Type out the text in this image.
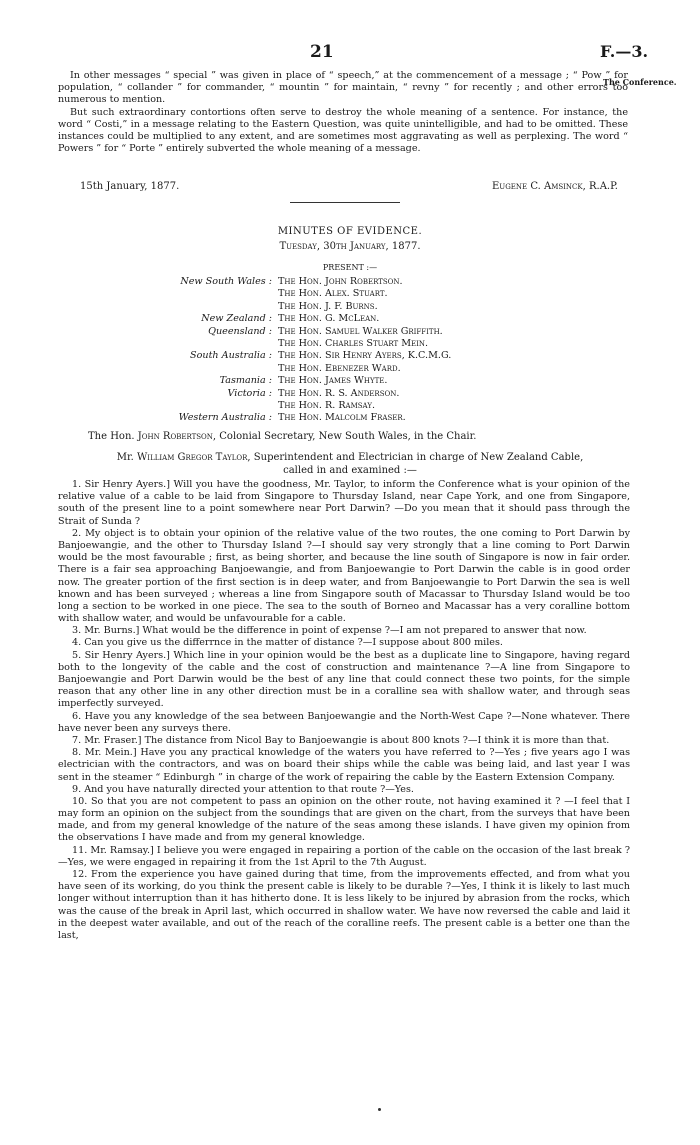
21	F.—3.
The Conference.

In other messages “ special ” was given in place of “ speech,” at the commencement of a message ; “ Pow ” for population, “ collander ” for commander, “ mountin ” for maintain, “ revny ” for recently ; and other errors too numerous to mention.

But such extraordinary contortions often serve to destroy the whole meaning of a sentence. For instance, the word “ Costi,” in a message relating to the Eastern Question, was quite unintelligible, and had to be omitted. These instances could be multiplied to any extent, and are sometimes most aggravating as well as perplexing. The word “ Powers ” for “ Porte ” entirely subverted the whole meaning of a message.

15th January, 1877.	Eugene C. Amsinck, R.A.P.
MINUTES OF EVIDENCE.
Tuesday, 30th January, 1877.
PRESENT :—
New South Wales : The Hon. John Robertson.
The Hon. Alex. Stuart.
The Hon. J. F. Burns.
New Zealand : The Hon. G. McLean.
Queensland : The Hon. Samuel Walker Griffith.
The Hon. Charles Stuart Mein.
South Australia : The Hon. Sir Henry Ayers, K.C.M.G.
The Hon. Ebenezer Ward.
Tasmania : The Hon. James Whyte.
Victoria : The Hon. R. S. Anderson.
The Hon. R. Ramsay.
Western Australia : The Hon. Malcolm Fraser.
The Hon. John Robertson, Colonial Secretary, New South Wales, in the Chair.
Mr. William Gregor Taylor, Superintendent and Electrician in charge of New Zealand Cable,
called in and examined :—

1. Sir Henry Ayers.] Will you have the goodness, Mr. Taylor, to inform the Conference what is your opinion of the relative value of a cable to be laid from Singapore to Thursday Island, near Cape York, and one from Singapore, south of the present line to a point somewhere near Port Darwin? —Do you mean that it should pass through the Strait of Sunda ?

2. My object is to obtain your opinion of the relative value of the two routes, the one coming to Port Darwin by Banjoewangie, and the other to Thursday Island ?—I should say very strongly that a line coming to Port Darwin would be the most favourable ; first, as being shorter, and because the line south of Singapore is now in fair order. There is a fair sea approaching Banjoewangie, and from Banjoewangie to Port Darwin the cable is in good order now. The greater portion of the first section is in deep water, and from Banjoewangie to Port Darwin the sea is well known and has been surveyed ; whereas a line from Singapore south of Macassar to Thursday Island would be too long a section to be worked in one piece. The sea to the south of Borneo and Macassar has a very coralline bottom with shallow water, and would be unfavourable for a cable.

3. Mr. Burns.] What would be the difference in point of expense ?—I am not prepared to answer that now.

4. Can you give us the differrnce in the matter of distance ?—I suppose about 800 miles.

5. Sir Henry Ayers.] Which line in your opinion would be the best as a duplicate line to Singapore, having regard both to the longevity of the cable and the cost of construction and maintenance ?—A line from Singapore to Banjoewangie and Port Darwin would be the best of any line that could connect these two points, for the simple reason that any other line in any other direction must be in a coralline sea with shallow water, and through seas imperfectly surveyed.

6. Have you any knowledge of the sea between Banjoewangie and the North-West Cape ?—None whatever. There have never been any surveys there.

7. Mr. Fraser.] The distance from Nicol Bay to Banjoewangie is about 800 knots ?—I think it is more than that.

8. Mr. Mein.] Have you any practical knowledge of the waters you have referred to ?—Yes ; five years ago I was electrician with the contractors, and was on board their ships while the cable was being laid, and last year I was sent in the steamer “ Edinburgh ” in charge of the work of repairing the cable by the Eastern Extension Company.

9. And you have naturally directed your attention to that route ?—Yes.

10. So that you are not competent to pass an opinion on the other route, not having examined it ? —I feel that I may form an opinion on the subject from the soundings that are given on the chart, from the surveys that have been made, and from my general knowledge of the nature of the seas among these islands. I have given my opinion from the observations I have made and from my general knowledge.

11. Mr. Ramsay.] I believe you were engaged in repairing a portion of the cable on the occasion of the last break ?—Yes, we were engaged in repairing it from the 1st April to the 7th August.

12. From the experience you have gained during that time, from the improvements effected, and from what you have seen of its working, do you think the present cable is likely to be durable ?—Yes, I think it is likely to last much longer without interruption than it has hitherto done. It is less likely to be injured by abrasion from the rocks, which was the cause of the break in April last, which occurred in shallow water. We have now reversed the cable and laid it in the deepest water available, and out of the reach of the coralline reefs. The present cable is a better one than the last,
